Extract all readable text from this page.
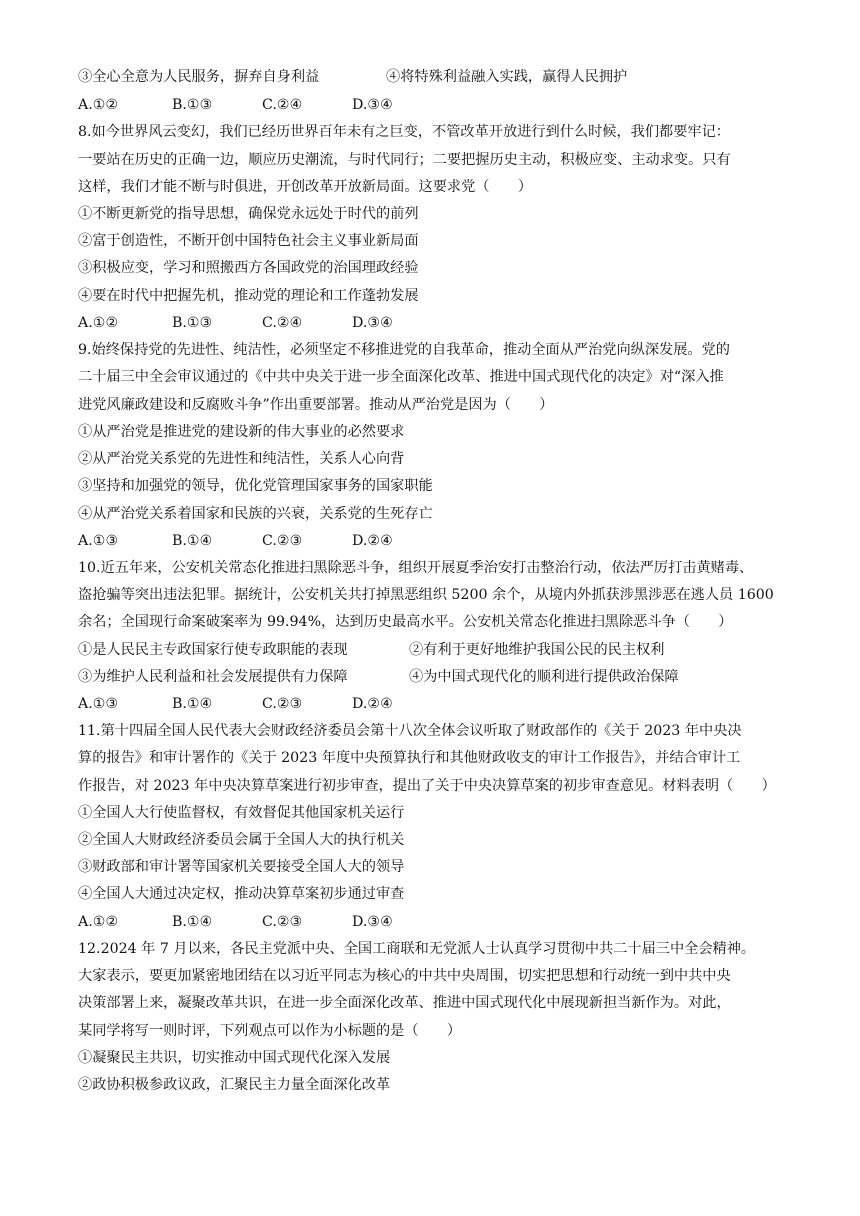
③全心全意为人民服务，摒弃自身利益	④将特殊利益融入实践，赢得人民拥护
A.①②	B.①③	C.②④	D.③④
8.如今世界风云变幻，我们已经历世界百年未有之巨变，不管改革开放进行到什么时候，我们都要牢记：
一要站在历史的正确一边，顺应历史潮流，与时代同行；二要把握历史主动，积极应变、主动求变。只有
这样，我们才能不断与时俱进，开创改革开放新局面。这要求党（　　）
①不断更新党的指导思想，确保党永远处于时代的前列
②富于创造性，不断开创中国特色社会主义事业新局面
③积极应变，学习和照搬西方各国政党的治国理政经验
④要在时代中把握先机，推动党的理论和工作蓬勃发展
A.①②	B.①③	C.②④	D.③④
9.始终保持党的先进性、纯洁性，必须坚定不移推进党的自我革命，推动全面从严治党向纵深发展。党的
二十届三中全会审议通过的《中共中央关于进一步全面深化改革、推进中国式现代化的决定》对“深入推
进党风廉政建设和反腐败斗争”作出重要部署。推动从严治党是因为（　　）
①从严治党是推进党的建设新的伟大事业的必然要求
②从严治党关系党的先进性和纯洁性，关系人心向背
③坚持和加强党的领导，优化党管理国家事务的国家职能
④从严治党关系着国家和民族的兴衰，关系党的生死存亡
A.①③	B.①④	C.②③	D.②④
10.近五年来，公安机关常态化推进扫黑除恶斗争，组织开展夏季治安打击整治行动，依法严厉打击黄赌毒、
盗抢骗等突出违法犯罪。据统计，公安机关共打掉黑恶组织 5200 余个，从境内外抓获涉黑涉恶在逃人员 1600
余名；全国现行命案破案率为 99.94%，达到历史最高水平。公安机关常态化推进扫黑除恶斗争（　　）
①是人民民主专政国家行使专政职能的表现	②有利于更好地维护我国公民的民主权利
③为维护人民利益和社会发展提供有力保障	④为中国式现代化的顺利进行提供政治保障
A.①③	B.①④	C.②③	D.②④
11.第十四届全国人民代表大会财政经济委员会第十八次全体会议听取了财政部作的《关于 2023 年中央决
算的报告》和审计署作的《关于 2023 年度中央预算执行和其他财政收支的审计工作报告》，并结合审计工
作报告，对 2023 年中央决算草案进行初步审查，提出了关于中央决算草案的初步审查意见。材料表明（　　）
①全国人大行使监督权，有效督促其他国家机关运行
②全国人大财政经济委员会属于全国人大的执行机关
③财政部和审计署等国家机关要接受全国人大的领导
④全国人大通过决定权，推动决算草案初步通过审查
A.①②	B.①④	C.②③	D.③④
12.2024 年 7 月以来，各民主党派中央、全国工商联和无党派人士认真学习贯彻中共二十届三中全会精神。
大家表示，要更加紧密地团结在以习近平同志为核心的中共中央周围，切实把思想和行动统一到中共中央
决策部署上来，凝聚改革共识，在进一步全面深化改革、推进中国式现代化中展现新担当新作为。对此，
某同学将写一则时评，下列观点可以作为小标题的是（　　）
①凝聚民主共识，切实推动中国式现代化深入发展
②政协积极参政议政，汇聚民主力量全面深化改革
